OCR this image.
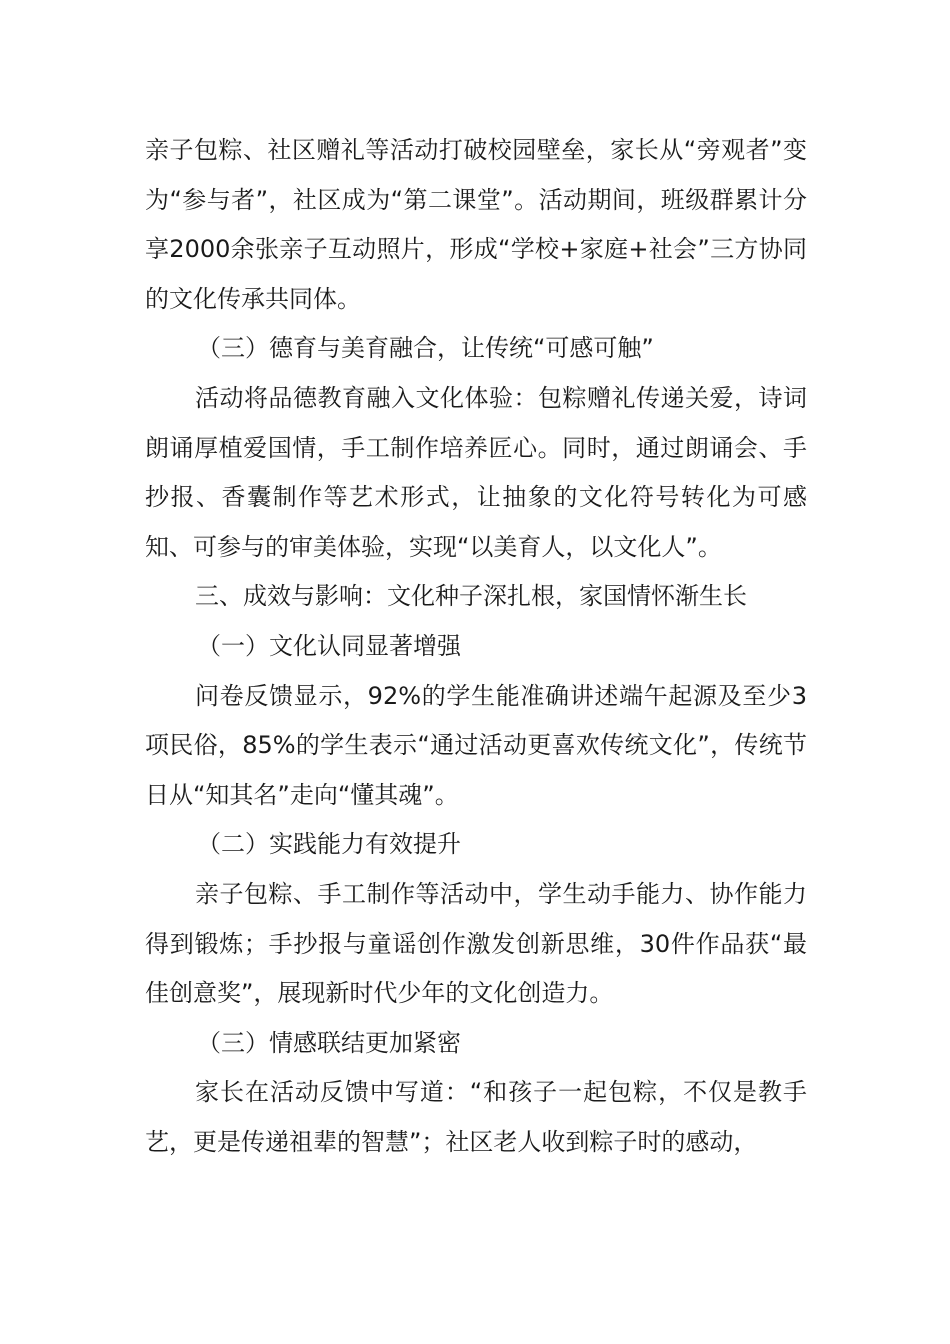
亲子包粽、社区赠礼等活动打破校园壁垒，家长从“旁观者”变为“参与者”，社区成为“第二课堂”。活动期间，班级群累计分享2000余张亲子互动照片，形成“学校+家庭+社会”三方协同的文化传承共同体。

（三）德育与美育融合，让传统“可感可触”

活动将品德教育融入文化体验：包粽赠礼传递关爱，诗词朗诵厚植爱国情，手工制作培养匠心。同时，通过朗诵会、手抄报、香囊制作等艺术形式，让抽象的文化符号转化为可感知、可参与的审美体验，实现“以美育人，以文化人”。

三、成效与影响：文化种子深扎根，家国情怀渐生长

（一）文化认同显著增强

问卷反馈显示，92%的学生能准确讲述端午起源及至少3项民俗，85%的学生表示“通过活动更喜欢传统文化”，传统节日从“知其名”走向“懂其魂”。

（二）实践能力有效提升

亲子包粽、手工制作等活动中，学生动手能力、协作能力得到锻炼；手抄报与童谣创作激发创新思维，30件作品获“最佳创意奖”，展现新时代少年的文化创造力。

（三）情感联结更加紧密

家长在活动反馈中写道：“和孩子一起包粽，不仅是教手艺，更是传递祖辈的智慧”；社区老人收到粽子时的感动，
